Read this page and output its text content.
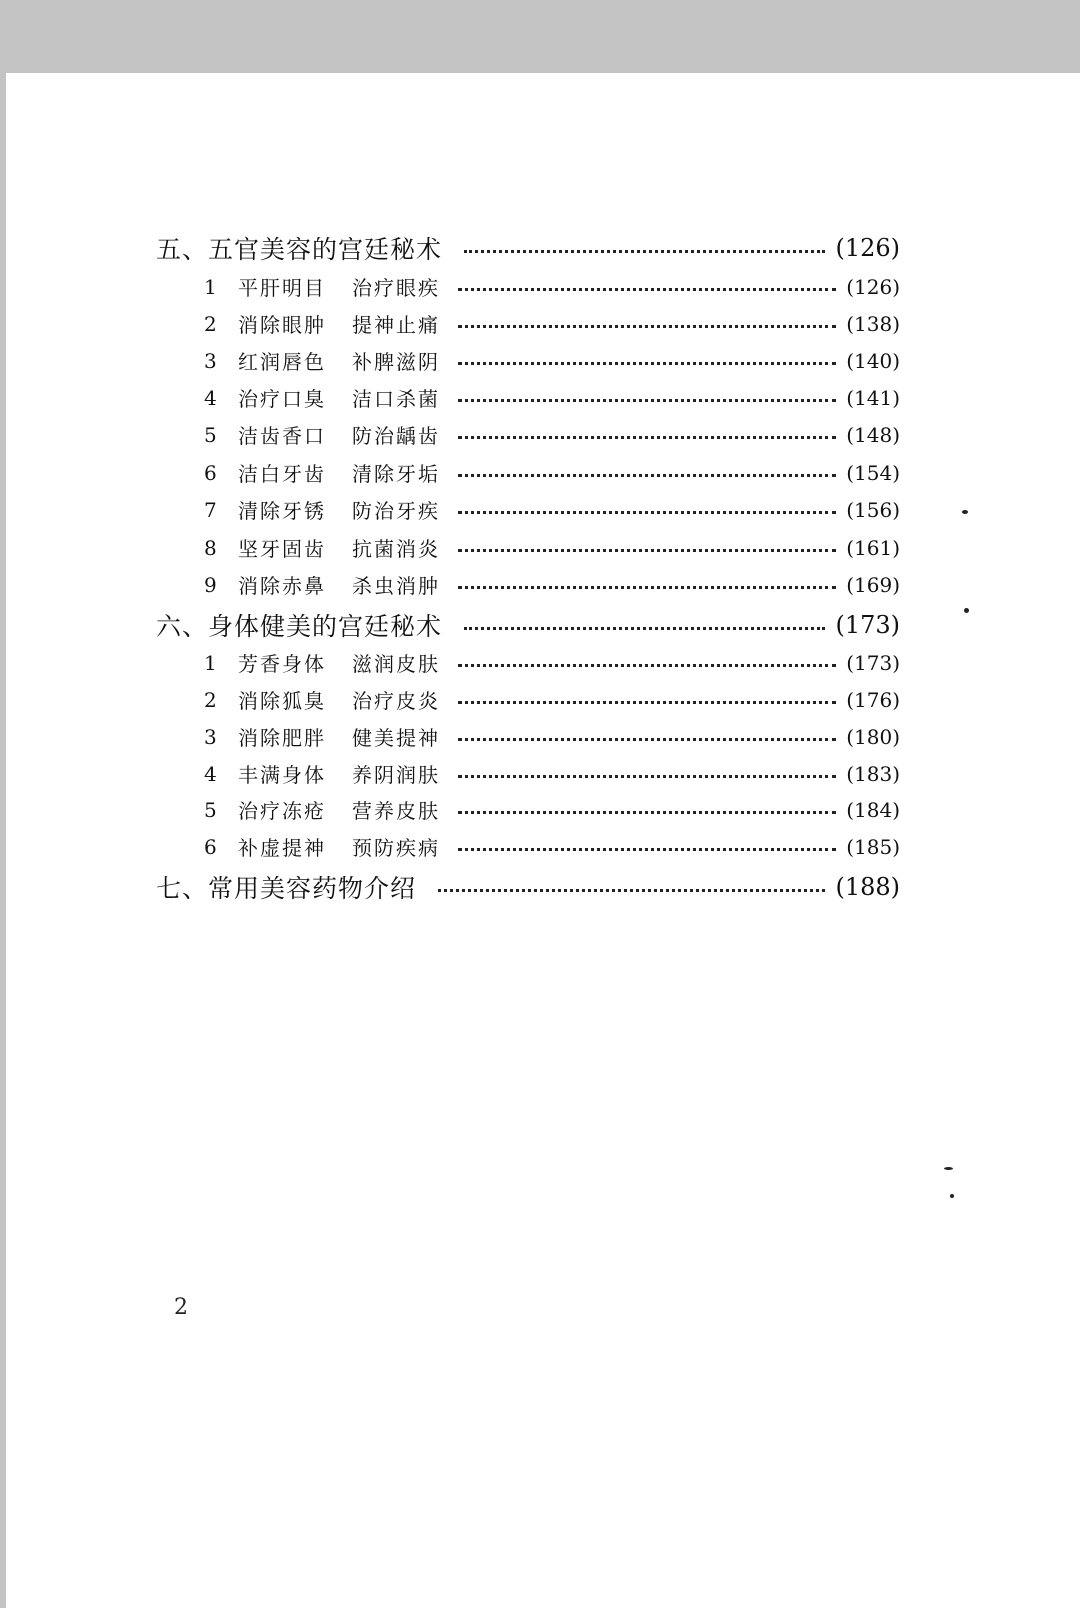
五、五官美容的宫廷秘术	(126)
1	平肝明目 治疗眼疾	(126)
2	消除眼肿 提神止痛	(138)
3	红润唇色 补脾滋阴	(140)
4	治疗口臭 洁口杀菌	(141)
5	洁齿香口 防治龋齿	(148)
6	洁白牙齿 清除牙垢	(154)
7	清除牙锈 防治牙疾	(156)
8	坚牙固齿 抗菌消炎	(161)
9	消除赤鼻 杀虫消肿	(169)
六、身体健美的宫廷秘术	(173)
1	芳香身体 滋润皮肤	(173)
2	消除狐臭 治疗皮炎	(176)
3	消除肥胖 健美提神	(180)
4	丰满身体 养阴润肤	(183)
5	治疗冻疮 营养皮肤	(184)
6	补虚提神 预防疾病	(185)
七、常用美容药物介绍	(188)
2
